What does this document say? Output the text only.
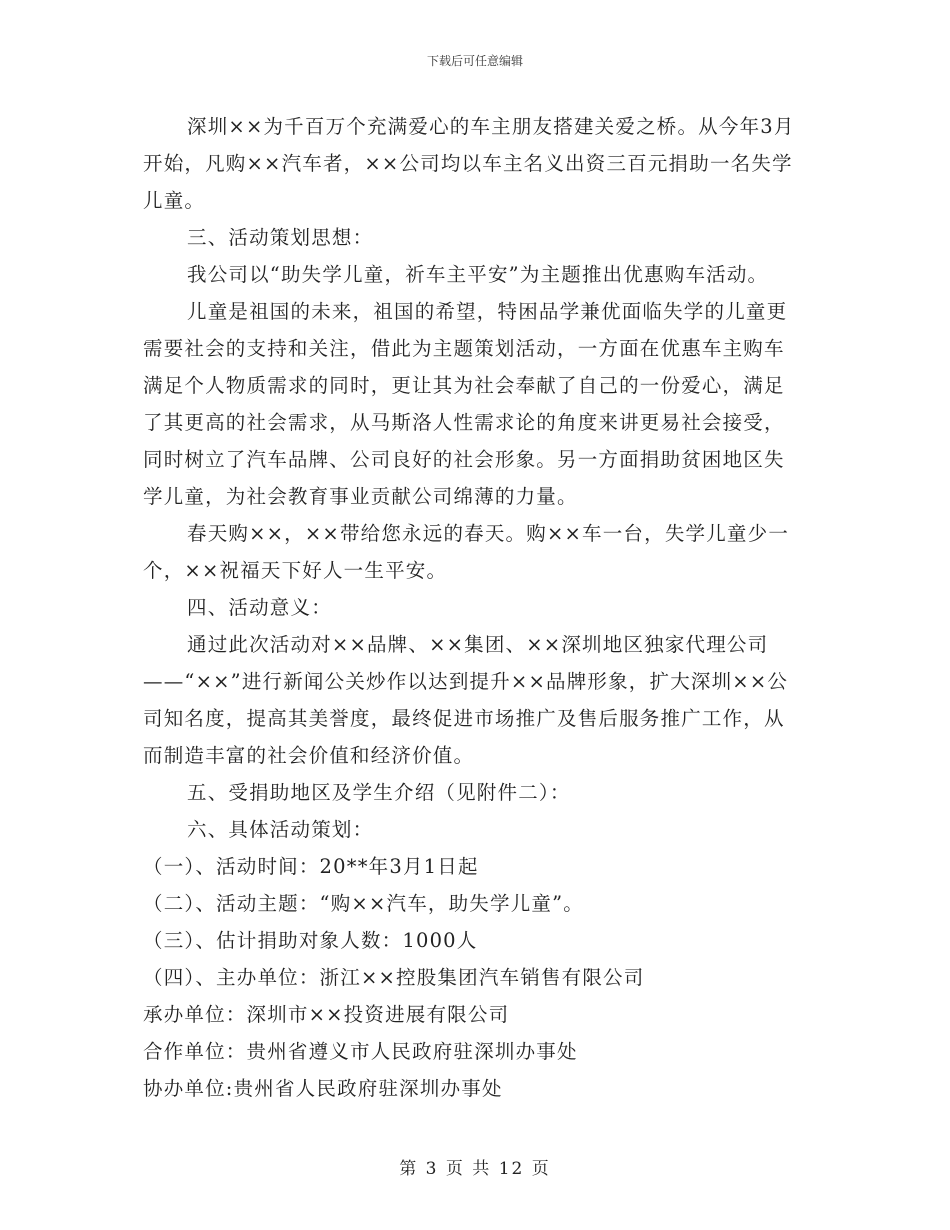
下载后可任意编辑

深圳××为千百万个充满爱心的车主朋友搭建关爱之桥。从今年3月开始，凡购××汽车者，××公司均以车主名义出资三百元捐助一名失学儿童。

三、活动策划思想：

我公司以“助失学儿童，祈车主平安”为主题推出优惠购车活动。

儿童是祖国的未来，祖国的希望，特困品学兼优面临失学的儿童更需要社会的支持和关注，借此为主题策划活动，一方面在优惠车主购车满足个人物质需求的同时，更让其为社会奉献了自己的一份爱心，满足了其更高的社会需求，从马斯洛人性需求论的角度来讲更易社会接受，同时树立了汽车品牌、公司良好的社会形象。另一方面捐助贫困地区失学儿童，为社会教育事业贡献公司绵薄的力量。

春天购××，××带给您永远的春天。购××车一台，失学儿童少一个，××祝福天下好人一生平安。

四、活动意义：

通过此次活动对××品牌、××集团、××深圳地区独家代理公司——“××”进行新闻公关炒作以达到提升××品牌形象，扩大深圳××公司知名度，提高其美誉度，最终促进市场推广及售后服务推广工作，从而制造丰富的社会价值和经济价值。

五、受捐助地区及学生介绍（见附件二）：

六、具体活动策划：

（一）、活动时间：20**年3月1日起

（二）、活动主题：“购××汽车，助失学儿童”。

（三）、估计捐助对象人数：1000人

（四）、主办单位：浙江××控股集团汽车销售有限公司

承办单位：深圳市××投资进展有限公司

合作单位：贵州省遵义市人民政府驻深圳办事处

协办单位:贵州省人民政府驻深圳办事处

第 3 页 共 12 页
